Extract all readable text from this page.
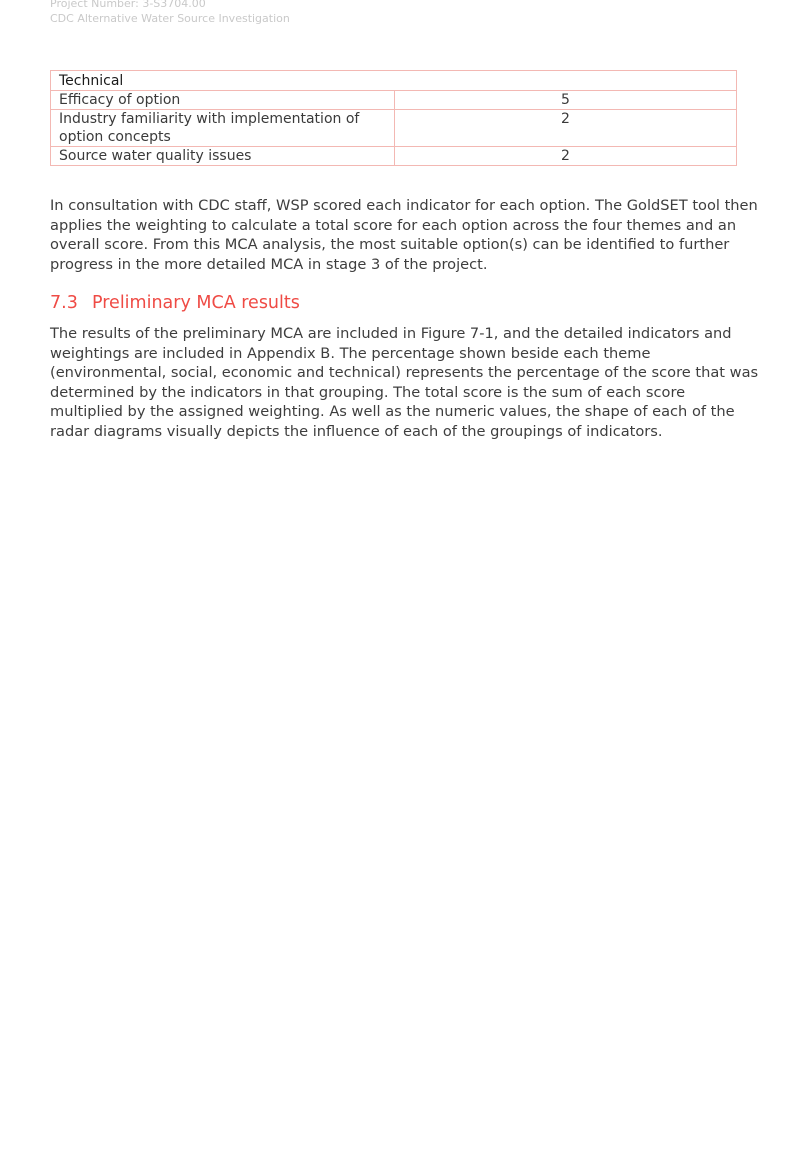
Project Number: 3-S3704.00
CDC Alternative Water Source Investigation
Technical	
Efficacy of option	5
Industry familiarity with implementation of option concepts	2
Source water quality issues	2

In consultation with CDC staff, WSP scored each indicator for each option. The GoldSET tool then applies the weighting to calculate a total score for each option across the four themes and an overall score. From this MCA analysis, the most suitable option(s) can be identified to further progress in the more detailed MCA in stage 3 of the project.

7.3 Preliminary MCA results

The results of the preliminary MCA are included in Figure 7-1, and the detailed indicators and weightings are included in Appendix B. The percentage shown beside each theme (environmental, social, economic and technical) represents the percentage of the score that was determined by the indicators in that grouping. The total score is the sum of each score multiplied by the assigned weighting. As well as the numeric values, the shape of each of the radar diagrams visually depicts the influence of each of the groupings of indicators.
